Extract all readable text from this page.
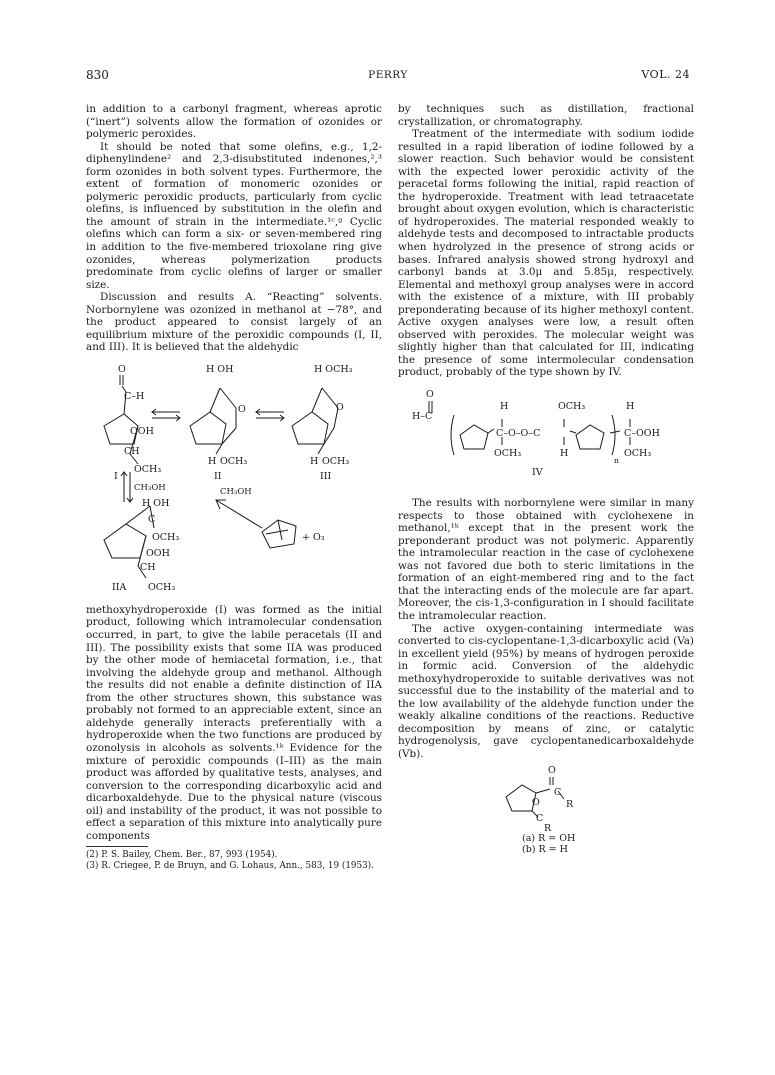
830	PERRY	VOL. 24

in addition to a carbonyl fragment, whereas aprotic (“inert”) solvents allow the formation of ozonides or polymeric peroxides.

It should be noted that some olefins, e.g., 1,2-diphenylindene² and 2,3-disubstituted indenones,²,³ form ozonides in both solvent types. Furthermore, the extent of formation of monomeric ozonides or polymeric peroxidic products, particularly from cyclic olefins, is influenced by substitution in the olefin and the amount of strain in the intermediate.¹ᶜ,ᵍ Cyclic olefins which can form a six- or seven-membered ring in addition to the five-membered trioxolane ring give ozonides, whereas polymerization products predominate from cyclic olefins of larger or smaller size.

Discussion and results A. “Reacting” solvents. Norbornylene was ozonized in methanol at −78°, and the product appeared to consist largely of an equilibrium mixture of the peroxidic compounds (I, II, and III). It is believed that the aldehydic

O	H OH	H OCH₃
C–H
OOH
CH
OCH₃
I	II	III
O	O
H OCH₃	H OCH₃
CH₃OH	CH₃OH
H OH
C
OCH₃
OOH
CH
IIA OCH₃
+ O₃

methoxyhydroperoxide (I) was formed as the initial product, following which intramolecular condensation occurred, in part, to give the labile peracetals (II and III). The possibility exists that some IIA was produced by the other mode of hemiacetal formation, i.e., that involving the aldehyde group and methanol. Although the results did not enable a definite distinction of IIA from the other structures shown, this substance was probably not formed to an appreciable extent, since an aldehyde generally interacts preferentially with a hydroperoxide when the two functions are produced by ozonolysis in alcohols as solvents.¹ᵏ Evidence for the mixture of peroxidic compounds (I–III) as the main product was afforded by qualitative tests, analyses, and conversion to the corresponding dicarboxylic acid and dicarboxaldehyde. Due to the physical nature (viscous oil) and instability of the product, it was not possible to effect a separation of this mixture into analytically pure components

(2) P. S. Bailey, Chem. Ber., 87, 993 (1954).

(3) R. Criegee, P. de Bruyn, and G. Lohaus, Ann., 583, 19 (1953).

by techniques such as distillation, fractional crystallization, or chromatography.

Treatment of the intermediate with sodium iodide resulted in a rapid liberation of iodine followed by a slower reaction. Such behavior would be consistent with the expected lower peroxidic activity of the peracetal forms following the initial, rapid reaction of the hydroperoxide. Treatment with lead tetraacetate brought about oxygen evolution, which is characteristic of hydroperoxides. The material responded weakly to aldehyde tests and decomposed to intractable products when hydrolyzed in the presence of strong acids or bases. Infrared analysis showed strong hydroxyl and carbonyl bands at 3.0μ and 5.85μ, respectively. Elemental and methoxyl group analyses were in accord with the existence of a mixture, with III probably preponderating because of its higher methoxyl content. Active oxygen analyses were low, a result often observed with peroxides. The molecular weight was slightly higher than that calculated for III, indicating the presence of some intermolecular condensation product, probably of the type shown by IV.

O
H	OCH₃	H
H–C
C–O–O–C	C–OOH
OCH₃	H	OCH₃
n
IV

The results with norbornylene were similar in many respects to those obtained with cyclohexene in methanol,¹ᵏ except that in the present work the preponderant product was not polymeric. Apparently the intramolecular reaction in the case of cyclohexene was not favored due both to steric limitations in the formation of an eight-membered ring and to the fact that the interacting ends of the molecule are far apart. Moreover, the cis-1,3-configuration in I should facilitate the intramolecular reaction.

The active oxygen-containing intermediate was converted to cis-cyclopentane-1,3-dicarboxylic acid (Va) in excellent yield (95%) by means of hydrogen peroxide in formic acid. Conversion of the aldehydic methoxyhydroperoxide to suitable derivatives was not successful due to the instability of the material and to the low availability of the aldehyde function under the weakly alkaline conditions of the reactions. Reductive decomposition by means of zinc, or catalytic hydrogenolysis, gave cyclopentanedicarboxaldehyde (Vb).

O
C
R
O
C
R
(a) R = OH
(b) R = H
